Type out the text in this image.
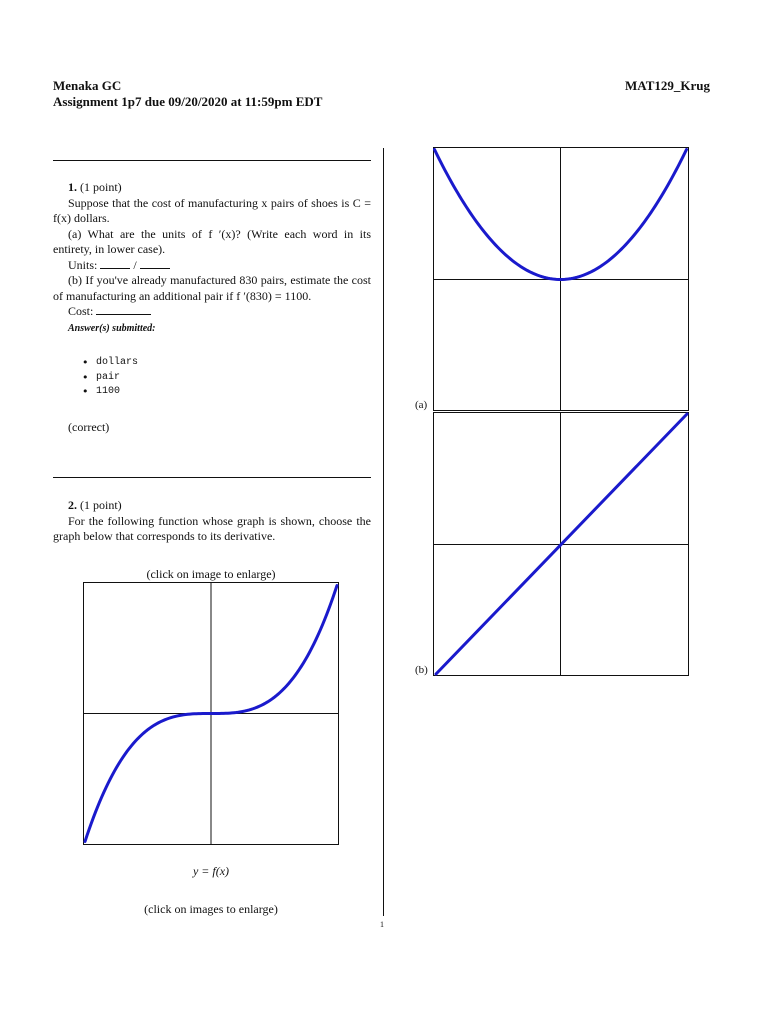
Menaka GC
Assignment 1p7 due 09/20/2020 at 11:59pm EDT
MAT129_Krug

1. (1 point)

Suppose that the cost of manufacturing x pairs of shoes is C = f(x) dollars.

(a) What are the units of f ′(x)? (Write each word in its entirety, in lower case).

Units:	/

(b) If you've already manufactured 830 pairs, estimate the cost of manufacturing an additional pair if f ′(830) = 1100.

Cost:

Answer(s) submitted:

• dollars
• pair
• 1100
(correct)

2. (1 point)

For the following function whose graph is shown, choose the graph below that corresponds to its derivative.

(click on image to enlarge)
y = f(x)
(click on images to enlarge)
(a)
(b)
1
